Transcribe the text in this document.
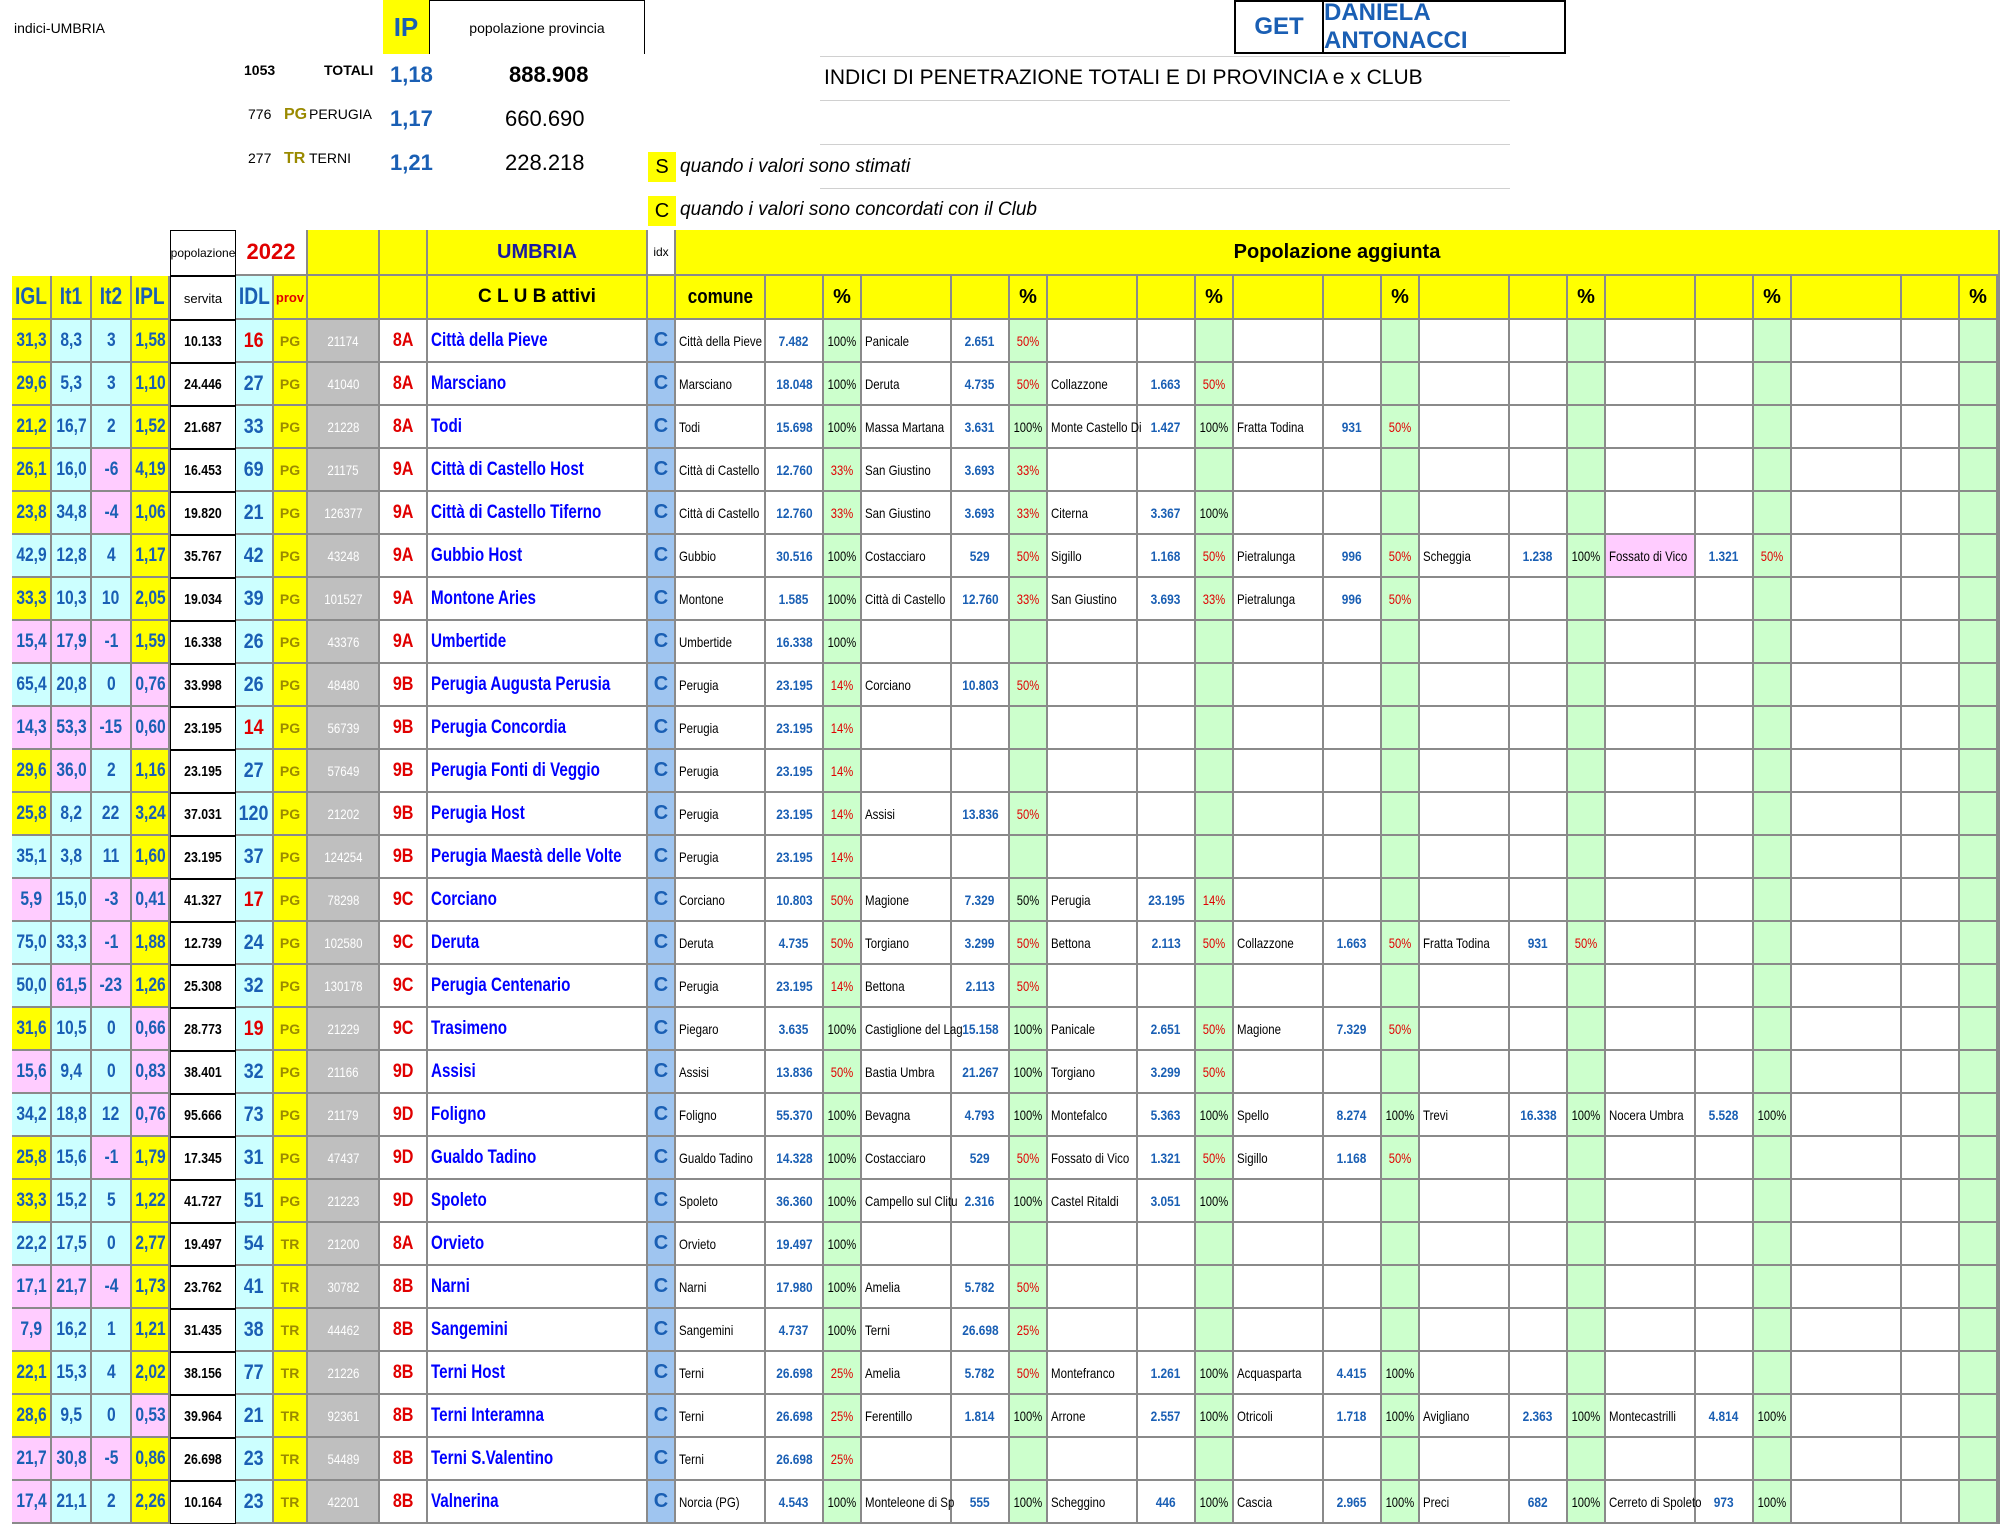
indici-UMBRIA	IP	popolazione provincia	GET
DANIELA ANTONACCI
INDICI DI PENETRAZIONE TOTALI E DI PROVINCIA e x CLUB
1053	TOTALI 1,18	888.908
776 PG PERUGIA 1,17	660.690
277 TR TERNI 1,21	228.218	S quando i valori sono stimati
C quando i valori sono concordati con il Club
popolazione 2022	UMBRIA	idx	Popolazione aggiunta
IGL It1 It2 IPL servita IDL prov	C L U B attivi	comune	%	%	%	%	%	%	%
31,3 8,3 3 1,58 10.133 16 PG 21174 8A Città della Pieve	C Città della Pieve 7.482 100% Panicale	2.651 50%
29,6 5,3 3 1,10 24.446 27 PG 41040 8A Marsciano	C Marsciano	18.048 100% Deruta	4.735 50% Collazzone	1.663 50%
21,2 16,7 2 1,52 21.687 33 PG 21228 8A Todi	C Todi	15.698 100% Massa Martana 3.631 100% Monte Castello Di 1.427 100% Fratta Todina	931 50%
26,1 16,0 -6 4,19 16.453 69 PG 21175 9A Città di Castello Host	C Città di Castello 12.760 33% San Giustino 3.693 33%
23,8 34,8 -4 1,06 19.820 21 PG 126377 9A Città di Castello Tiferno	C Città di Castello 12.760 33% San Giustino 3.693 33% Citerna	3.367 100%
42,9 12,8 4 1,17 35.767 42 PG 43248 9A Gubbio Host	C Gubbio	30.516 100% Costacciaro	529 50% Sigillo	1.168 50% Pietralunga	996 50% Scheggia	1.238 100% Fossato di Vico 1.321 50%
33,3 10,3 10 2,05 19.034 39 PG 101527 9A Montone Aries	C Montone	1.585 100% Città di Castello 12.760 33% San Giustino 3.693 33% Pietralunga	996 50%
15,4 17,9 -1 1,59 16.338 26 PG 43376 9A Umbertide	C Umbertide	16.338 100%
65,4 20,8 0 0,76 33.998 26 PG 48480 9B Perugia Augusta Perusia C Perugia	23.195 14% Corciano	10.803 50%
14,3 53,3 -15 0,60 23.195 14 PG 56739 9B Perugia Concordia	C Perugia	23.195 14%
29,6 36,0 2 1,16 23.195 27 PG 57649 9B Perugia Fonti di Veggio	C Perugia	23.195 14%
25,8 8,2 22 3,24 37.031 120 PG 21202 9B Perugia Host	C Perugia	23.195 14% Assisi	13.836 50%
35,1 3,8 11 1,60 23.195 37 PG 124254 9B Perugia Maestà delle Volte C Perugia	23.195 14%
5,9 15,0 -3 0,41 41.327 17 PG 78298 9C Corciano	C Corciano	10.803 50% Magione	7.329 50% Perugia	23.195 14%
75,0 33,3 -1 1,88 12.739 24 PG 102580 9C Deruta	C Deruta	4.735 50% Torgiano	3.299 50% Bettona	2.113 50% Collazzone	1.663 50% Fratta Todina	931 50%
50,0 61,5 -23 1,26 25.308 32 PG 130178 9C Perugia Centenario	C Perugia	23.195 14% Bettona	2.113 50%
31,6 10,5 0 0,66 28.773 19 PG 21229 9C Trasimeno	C Piegaro	3.635 100% Castiglione del Lag 15.158 100% Panicale	2.651 50% Magione	7.329 50%
15,6 9,4 0 0,83 38.401 32 PG 21166 9D Assisi	C Assisi	13.836 50% Bastia Umbra 21.267 100% Torgiano	3.299 50%
34,2 18,8 12 0,76 95.666 73 PG 21179 9D Foligno	C Foligno	55.370 100% Bevagna	4.793 100% Montefalco	5.363 100% Spello	8.274 100% Trevi	16.338 100% Nocera Umbra 5.528 100%
25,8 15,6 -1 1,79 17.345 31 PG 47437 9D Gualdo Tadino	C Gualdo Tadino 14.328 100% Costacciaro	529 50% Fossato di Vico 1.321 50% Sigillo	1.168 50%
33,3 15,2 5 1,22 41.727 51 PG 21223 9D Spoleto	C Spoleto	36.360 100% Campello sul Clitu 2.316 100% Castel Ritaldi 3.051 100%
22,2 17,5 0 2,77 19.497 54 TR 21200 8A Orvieto	C Orvieto	19.497 100%
17,1 21,7 -4 1,73 23.762 41 TR 30782 8B Narni	C Narni	17.980 100% Amelia	5.782 50%
7,9 16,2 1 1,21 31.435 38 TR 44462 8B Sangemini	C Sangemini	4.737 100% Terni	26.698 25%
22,1 15,3 4 2,02 38.156 77 TR 21226 8B Terni Host	C Terni	26.698 25% Amelia	5.782 50% Montefranco	1.261 100% Acquasparta	4.415 100%
28,6 9,5 0 0,53 39.964 21 TR 92361 8B Terni Interamna	C Terni	26.698 25% Ferentillo	1.814 100% Arrone	2.557 100% Otricoli	1.718 100% Avigliano	2.363 100% Montecastrilli 4.814 100%
21,7 30,8 -5 0,86 26.698 23 TR 54489 8B Terni S.Valentino	C Terni	26.698 25%
17,4 21,1 2 2,26 10.164 23 TR 42201 8B Valnerina	C Norcia (PG)	4.543 100% Monteleone di Sp 555 100% Scheggino	446 100% Cascia	2.965 100% Preci	682 100% Cerreto di Spoleto 973 100%
